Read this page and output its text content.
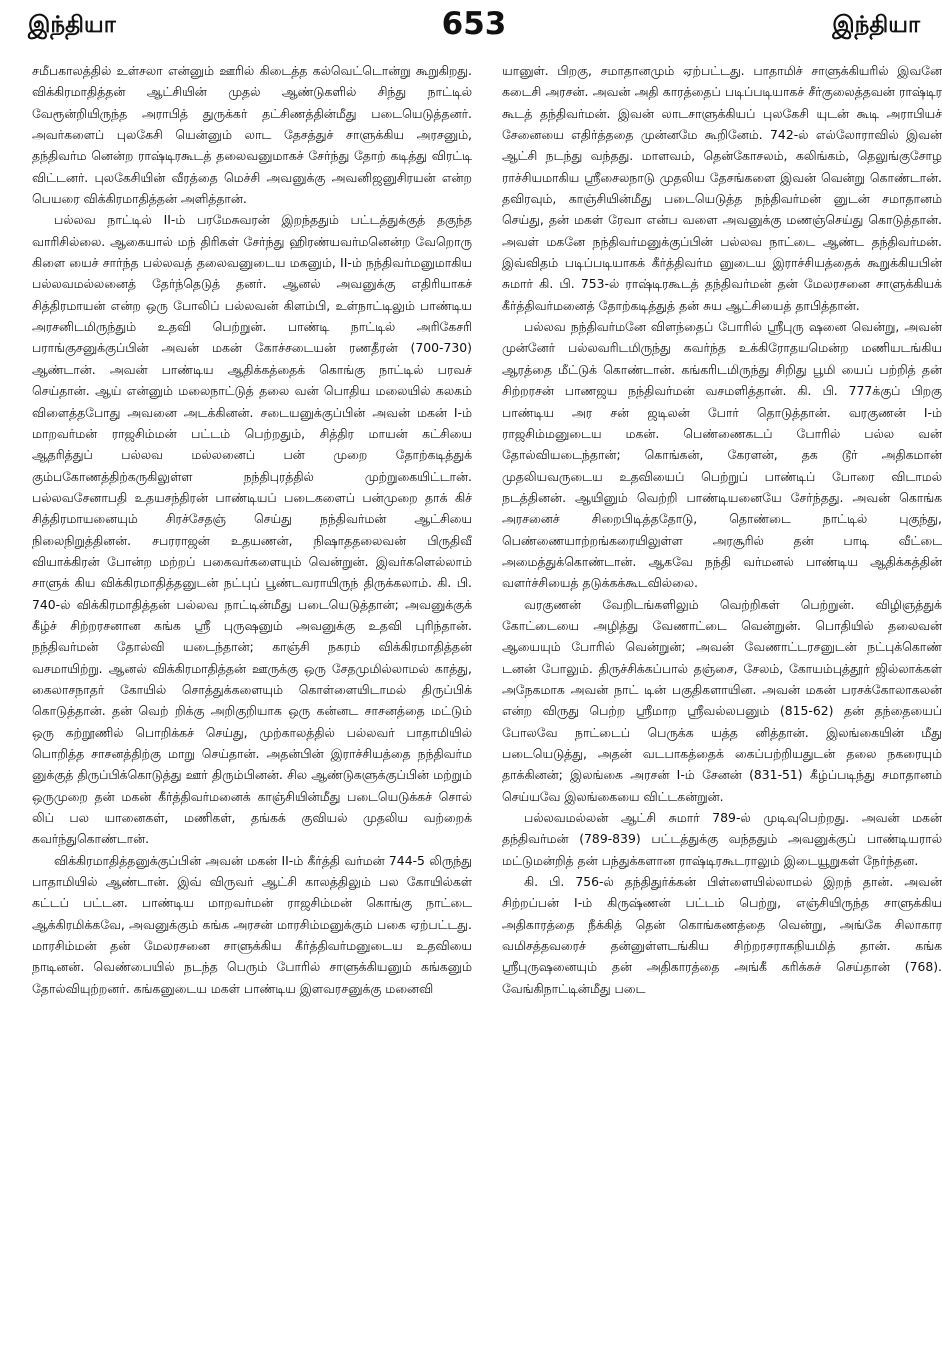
இந்தியா	653	இந்தியா

சமீபகாலத்தில் உள்சலா என்னும் ஊரில் கிடைத்த கல்வெட்டொன்று கூறுகிறது. விக்கிரமாதித்தன் ஆட்சியின் முதல் ஆண்டுகளில் சிந்து நாட்டில் வேரூன்றியிருந்த அராபித் துருக்கர் தட்சிணத்தின்மீது படையெடுத்தனர். அவர்களைப் புலகேசி யென்னும் லாட தேசத்துச் சாளுக்கிய அரசனும், தந்திவர்ம னென்ற ராஷ்டிரகூடத் தலைவனுமாகச் சேர்ந்து தோற் கடித்து விரட்டி விட்டனர். புலகேசியின் வீரத்தை மெச்சி அவனுக்கு அவனிஜனுசிரயன் என்ற பெயரை விக்கிரமாதித்தன் அளித்தான்.

பல்லவ நாட்டில் II-ம் பரமேசுவரன் இறந்ததும் பட்டத்துக்குத் தகுந்த வாரிசில்லை. ஆகையால் மந் திரிகள் சேர்ந்து ஹிரண்யவர்மனென்ற வேறொரு கிளை யைச் சார்ந்த பல்லவத் தலைவனுடைய மகனும், II-ம் நந்திவர்மனுமாகிய பல்லவமல்லனைத் தேர்ந்தெடுத் தனர். ஆனல் அவனுக்கு எதிரியாகச் சித்திரமாயன் என்ற ஒரு போலிப் பல்லவன் கிளம்பி, உள்நாட்டிலும் பாண்டிய அரசனிடமிருந்தும் உதவி பெற்றுன். பாண்டி நாட்டில் அரிகேசரி பராங்குசனுக்குப்பின் அவன் மகன் கோச்சடையன் ரணதீரன் (700-730) ஆண்டான். அவன் பாண்டிய ஆதிக்கத்தைக் கொங்கு நாட்டில் பரவச் செய்தான். ஆய் என்னும் மலைநாட்டுத் தலை வன் பொதிய மலையில் கலகம் விளைத்தபோது அவனை அடக்கினன். சடையனுக்குப்பின் அவன் மகன் I-ம் மாறவர்மன் ராஜசிம்மன் பட்டம் பெற்றதும், சித்திர மாயன் கட்சியை ஆதரித்துப் பல்லவ மல்லனைப் பன் முறை தோற்கடித்துக் கும்பகோணத்திற்கருகிலுள்ள நந்திபுரத்தில் முற்றுகையிட்டான். பல்லவசேனாபதி உதயசந்திரன் பாண்டியப் படைகளைப் பன்முறை தாக் கிச் சித்திரமாயனையும் சிரச்சேதஞ் செய்து நந்திவர்மன் ஆட்சியை நிலைநிறுத்தினன். சபரராஜன் உதயணன், நிஷாததலைவன் பிருதிவீ வியாக்கிரன் போன்ற மற்றப் பகைவர்களையும் வென்றுன். இவர்களெல்லாம் சாளுக் கிய விக்கிரமாதித்தனுடன் நட்புப் பூண்டவராயிருந் திருக்கலாம். கி. பி. 740-ல் விக்கிரமாதித்தன் பல்லவ நாட்டின்மீது படையெடுத்தான்; அவனுக்குக் கீழ்ச் சிற்றரசனான கங்க ஸ்ரீ புருஷனும் அவனுக்கு உதவி புரிந்தான். நந்திவர்மன் தோல்வி யடைந்தான்; காஞ்சி நகரம் விக்கிரமாதித்தன் வசமாயிற்று. ஆனல் விக்கிரமாதித்தன் ஊருக்கு ஒரு சேதமுமில்லாமல் காத்து, கைலாசநாதர் கோயில் சொத்துக்களையும் கொள்ளையிடாமல் திருப்பிக் கொடுத்தான். தன் வெற் றிக்கு அறிகுறியாக ஒரு கன்னட சாசனத்தை மட்டும் ஒரு கற்றூணில் பொறிக்கச் செய்து, முற்காலத்தில் பல்லவர் பாதாமியில் பொறித்த சாசனத்திற்கு மாறு செய்தான். அதன்பின் இராச்சியத்தை நந்திவர்ம னுக்குத் திருப்பிக்கொடுத்து ஊர் திரும்பினன். சில ஆண்டுகளுக்குப்பின் மற்றும் ஒருமுறை தன் மகன் கீர்த்திவர்மனைக் காஞ்சியின்மீது படையெடுக்கச் சொல் லிப் பல யானைகள், மணிகள், தங்கக் குவியல் முதலிய வற்றைக் கவர்ந்துகொண்டான்.

விக்கிரமாதித்தனுக்குப்பின் அவன் மகன் II-ம் கீர்த்தி வர்மன் 744-5 லிருந்து பாதாமியில் ஆண்டான். இவ் விருவர் ஆட்சி காலத்திலும் பல கோயில்கள் கட்டப் பட்டன. பாண்டிய மாறவர்மன் ராஜசிம்மன் கொங்கு நாட்டை ஆக்கிரமிக்கவே, அவனுக்கும் கங்க அரசன் மாரசிம்மனுக்கும் பகை ஏற்பட்டது. மாரசிம்மன் தன் மேலரசனை சாளுக்கிய கீர்த்திவர்மனுடைய உதவியை நாடினன். வெண்பையில் நடந்த பெரும் போரில் சாளுக்கியனும் கங்கனும் தோல்வியுற்றனர். கங்கனுடைய மகள் பாண்டிய இளவரசனுக்கு மனைவி

யானுள். பிறகு, சமாதானமும் ஏற்பட்டது. பாதாமிச் சாளுக்கியரில் இவனே கடைசி அரசன். அவன் அதி காரத்தைப் படிப்படியாகச் சீர்குலைத்தவன் ராஷ்டிர கூடத் தந்திவர்மன். இவன் லாடசாளுக்கியப் புலகேசி யுடன் கூடி அராபியச் சேனையை எதிர்த்ததை முன்னமே கூறினேம். 742-ல் எல்லோராவில் இவன் ஆட்சி நடந்து வந்தது. மாளவம், தென்கோசலம், கலிங்கம், தெலுங்குசோழ ராச்சியமாகிய ஸ்ரீசைலநாடு முதலிய தேசங்களை இவன் வென்று கொண்டான். தவிரவும், காஞ்சியின்மீது படையெடுத்த நந்திவர்மன் னுடன் சமாதானம் செய்து, தன் மகள் ரேவா என்ப வளை அவனுக்கு மணஞ்செய்து கொடுத்தான். அவள் மகனே நந்திவர்மனுக்குப்பின் பல்லவ நாட்டை ஆண்ட தந்திவர்மன். இவ்விதம் படிப்படியாகக் கீர்த்திவர்ம னுடைய இராச்சியத்தைக் கூறுக்கியபின் சுமார் கி. பி. 753-ல் ராஷ்டிரகூடத் தந்திவர்மன் தன் மேலரசனை சாளுக்கியக் கீர்த்திவர்மனைத் தோற்கடித்துத் தன் சுய ஆட்சியைத் தாபித்தான்.

பல்லவ நந்திவர்மனே விளந்தைப் போரில் ஸ்ரீபுரு ஷனை வென்று, அவன் முன்னேர் பல்லவரிடமிருந்து கவர்ந்த உக்கிரோதயமென்ற மணியடங்கிய ஆரத்தை மீட்டுக் கொண்டான். கங்கரிடமிருந்து சிறிது பூமி யைப் பற்றித் தன் சிற்றரசன் பாணஜய நந்திவர்மன் வசமளித்தான். கி. பி. 777க்குப் பிறகு பாண்டிய அர சன் ஜடிலன் போர் தொடுத்தான். வரகுணன் I-ம் ராஜசிம்மனுடைய மகன். பெண்ணைகடப் போரில் பல்ல வன் தோல்வியடைந்தான்; கொங்கன், கேரளன், தக டூர் அதிகமான் முதலியவருடைய உதவியைப் பெற்றுப் பாண்டிப் போரை விடாமல் நடத்தினன். ஆயினும் வெற்றி பாண்டியனையே சேர்ந்தது. அவன் கொங்க அரசனைச் சிறைபிடித்ததோடு, தொண்டை நாட்டில் புகுந்து, பெண்ணையாற்றங்கரையிலுள்ள அரசூரில் தன் பாடி வீட்டை அமைத்துக்கொண்டான். ஆகவே நந்தி வர்மனல் பாண்டிய ஆதிக்கத்தின் வளர்ச்சியைத் தடுக்கக்கூடவில்லை.

வரகுணன் வேறிடங்களிலும் வெற்றிகள் பெற்றுன். விழிஞத்துக் கோட்டையை அழித்து வேணாட்டை வென்றுன். பொதியில் தலைவன் ஆயையும் போரில் வென்றுன்; அவன் வேணாட்டரசனுடன் நட்புக்கொண் டனன் போலும். திருச்சிக்கப்பால் தஞ்சை, சேலம், கோயம்புத்தூர் ஜில்லாக்கள் அநேகமாக அவன் நாட் டின் பகுதிகளாயின. அவன் மகன் பரசக்கோலாகலன் என்ற விருது பெற்ற ஸ்ரீமாற ஸ்ரீவல்லபனும் (815-62) தன் தந்தையைப் போலவே நாட்டைப் பெருக்க யத்த னித்தான். இலங்கையின் மீது படையெடுத்து, அதன் வடபாகத்தைக் கைப்பற்றியதுடன் தலை நகரையும் தாக்கினன்; இலங்கை அரசன் I-ம் சேனன் (831-51) கீழ்ப்படிந்து சமாதானம் செய்யவே இலங்கையை விட்டகன்றுன்.

பல்லவமல்லன் ஆட்சி சுமார் 789-ல் முடிவுபெற்றது. அவன் மகன் தந்திவர்மன் (789-839) பட்டத்துக்கு வந்ததும் அவனுக்குப் பாண்டியரால் மட்டுமன்றித் தன் பந்துக்களான ராஷ்டிரகூடராலும் இடையூறுகள் நேர்ந்தன.

கி. பி. 756-ல் தந்திதுர்க்கன் பிள்ளையில்லாமல் இறந் தான். அவன் சிற்றப்பன் I-ம் கிருஷ்ணன் பட்டம் பெற்று, எஞ்சியிருந்த சாளுக்கிய அதிகாரத்தை நீக்கித் தென் கொங்கணத்தை வென்று, அங்கே சிலாகார வமிசத்தவரைச் தன்னுள்ளடங்கிய சிற்றரசராகநியமித் தான். கங்க ஸ்ரீபுருஷனையும் தன் அதிகாரத்தை அங்கீ கரிக்கச் செய்தான் (768). வேங்கிநாட்டின்மீது படை
